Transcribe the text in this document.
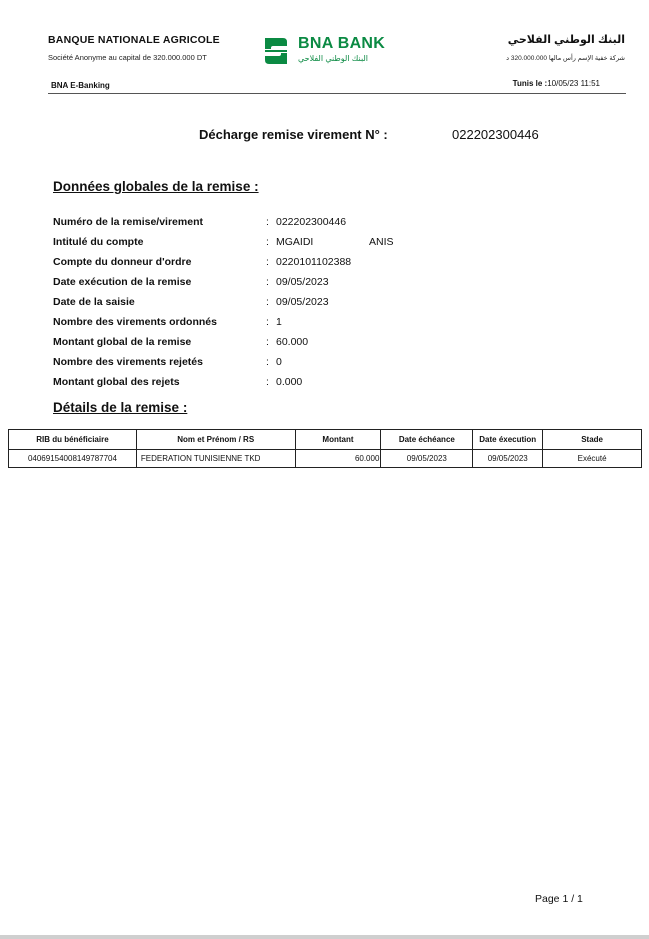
BANQUE NATIONALE AGRICOLE
Société Anonyme au capital de 320.000.000 DT
BNA BANK
البنك الوطني الفلاحي
البنك الوطني الفلاحي
شركة خفية الإسم رأس مالها 320.000.000 د
BNA E-Banking	Tunis le :10/05/23 11:51
Décharge remise virement N° :	022202300446
Données globales de la remise :
Numéro de la remise/virement	: 022202300446
Intitulé du compte	: MGAIDI	ANIS
Compte du donneur d'ordre	: 0220101102388
Date exécution de la remise	: 09/05/2023
Date de la saisie	: 09/05/2023
Nombre des virements ordonnés	: 1
Montant global de la remise	: 60.000
Nombre des virements rejetés	: 0
Montant global des rejets	: 0.000
Détails de la remise :
RIB du bénéficiaire	Nom et Prénom / RS	Montant	Date échéance	Date éxecution	Stade
04069154008149787704	FEDERATION TUNISIENNE TKD	60.000	09/05/2023	09/05/2023	Exécuté
Page 1 / 1
